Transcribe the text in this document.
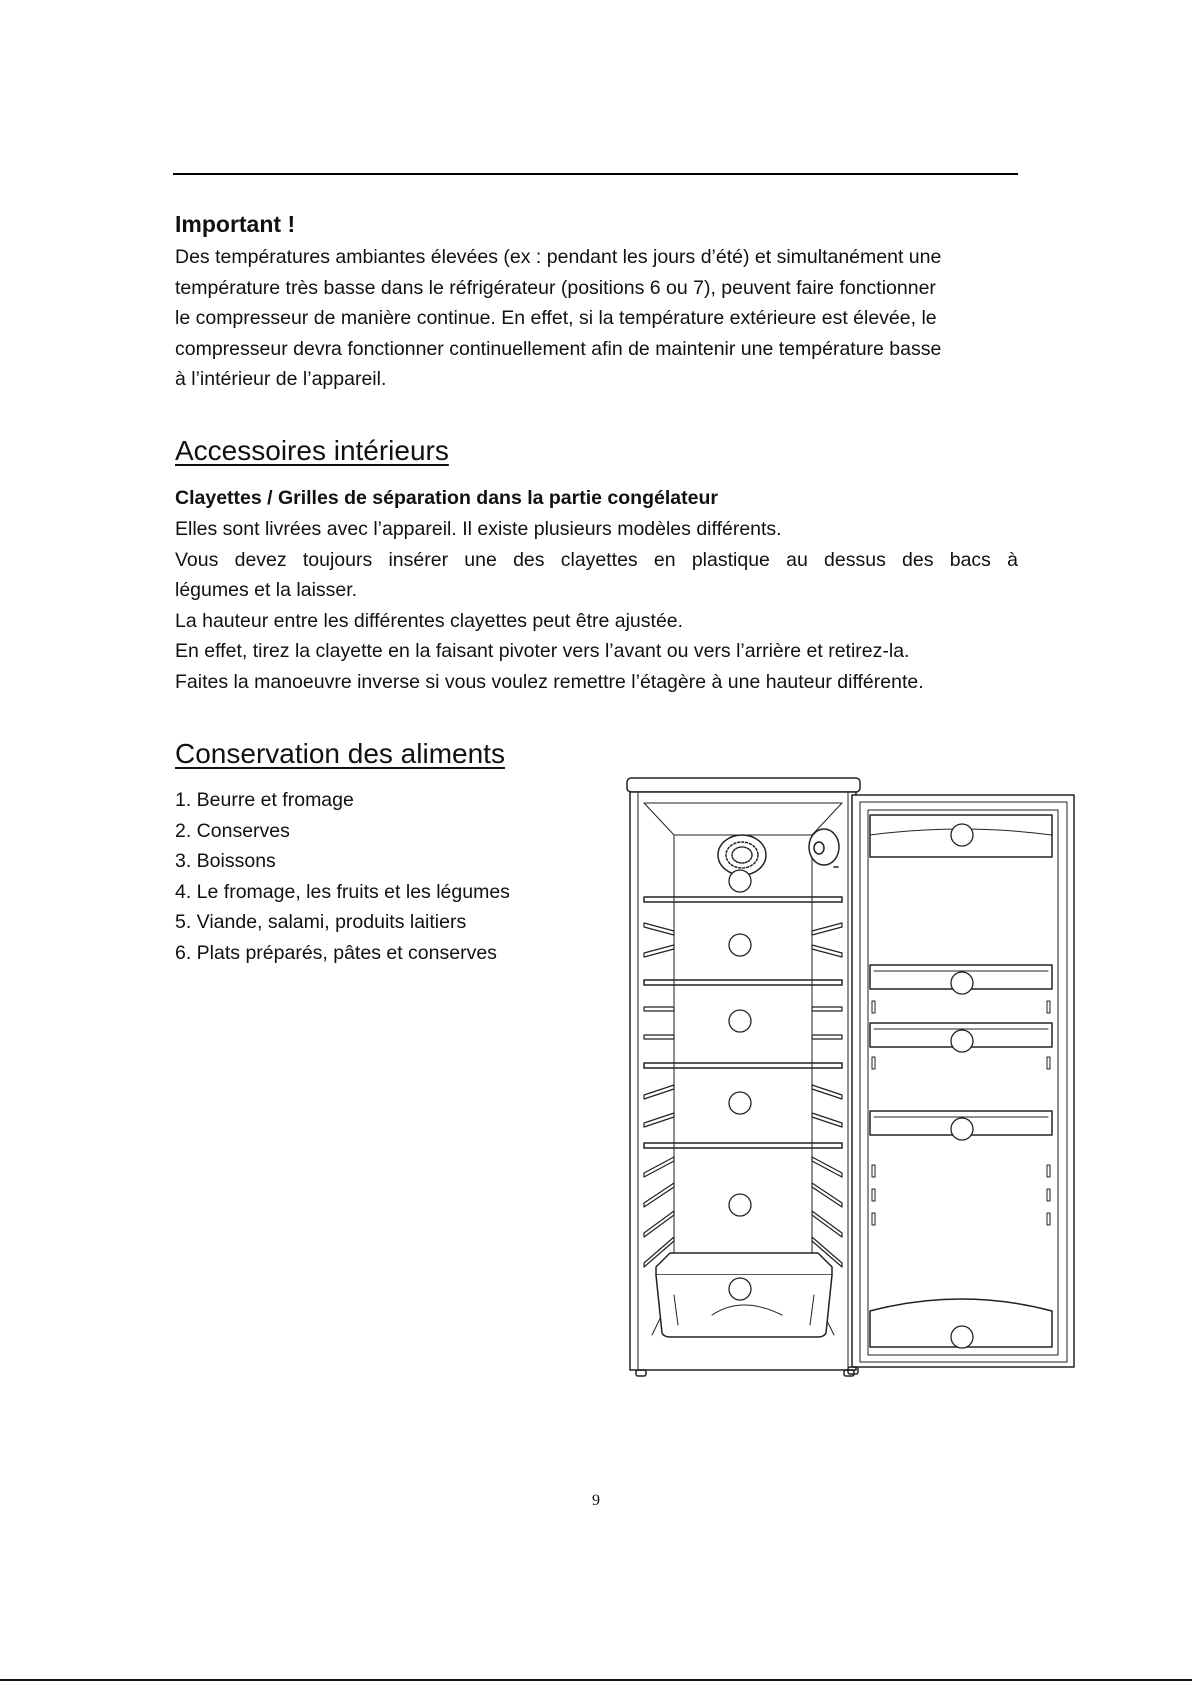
Important !

Des températures ambiantes élevées (ex : pendant les jours d’été) et simultanément une
température très basse dans le réfrigérateur (positions 6 ou 7), peuvent faire fonctionner
le compresseur de manière continue. En effet, si la température extérieure est élevée, le
compresseur devra fonctionner continuellement afin de maintenir une température basse
à l’intérieur de l’appareil.

Accessoires intérieurs
Clayettes / Grilles de séparation dans la partie congélateur

Elles sont livrées avec l’appareil. Il existe plusieurs modèles différents.
Vous devez toujours insérer une des clayettes en plastique au dessus des bacs à
légumes et la laisser.
La hauteur entre les différentes clayettes peut être ajustée.
En effet, tirez la clayette en la faisant pivoter vers l’avant ou vers l’arrière et retirez-la.
Faites la manoeuvre inverse si vous voulez remettre l’étagère à une hauteur différente.

Conservation des aliments
1. Beurre et fromage
2. Conserves
3. Boissons
4. Le fromage, les fruits et les légumes
5. Viande, salami, produits laitiers
6. Plats préparés, pâtes et conserves
9
